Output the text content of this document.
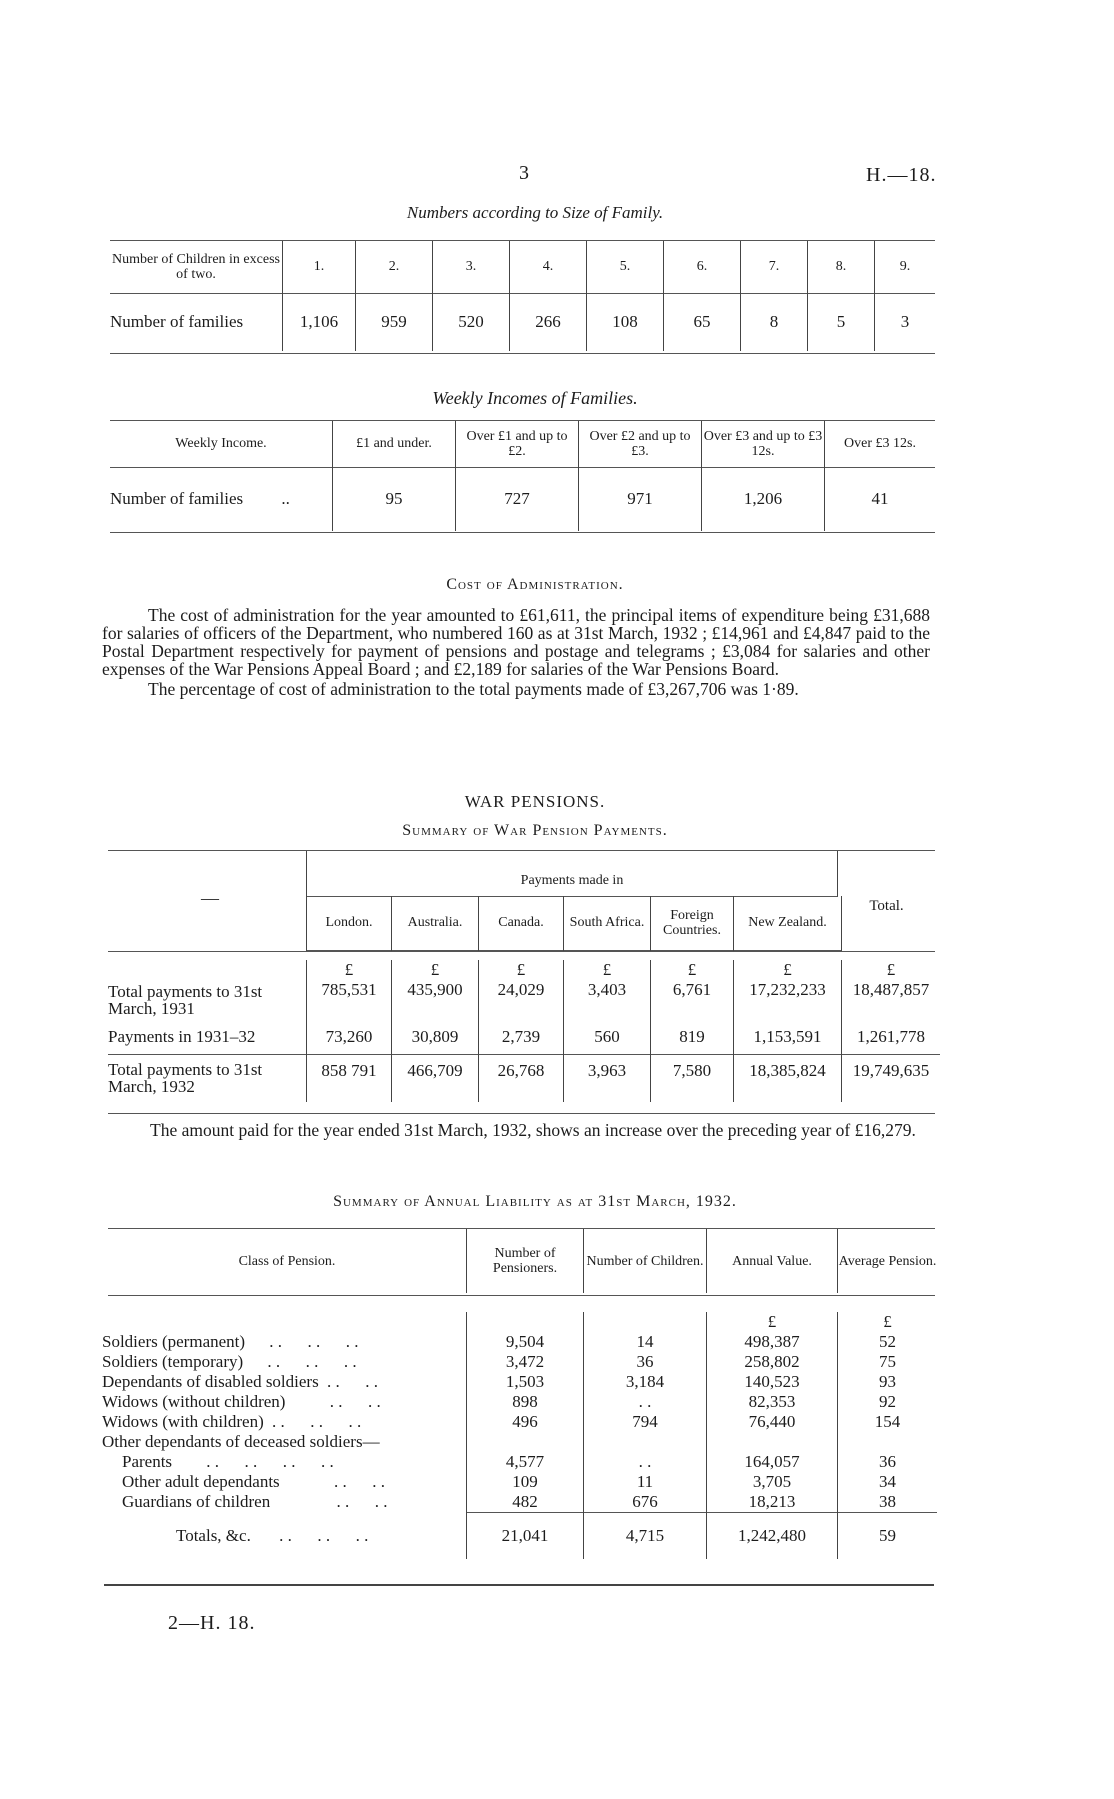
3	H.—18.
Numbers according to Size of Family.
Number of Children in excess of two.	1.	2.	3.	4.	5.	6.	7.	8.	9.
Number of families	1,106	959	520	266	108	65	8	5	3
Weekly Incomes of Families.
Weekly Income.	£1 and under.	Over £1 and up to £2.	Over £2 and up to £3.	Over £3 and up to £3 12s.	Over £3 12s.
Number of families ..	95	727	971	1,206	41
Cost of Administration.

The cost of administration for the year amounted to £61,611, the principal items of expenditure being £31,688 for salaries of officers of the Department, who numbered 160 as at 31st March, 1932 ; £14,961 and £4,847 paid to the Postal Department respectively for payment of pensions and postage and telegrams ; £3,084 for salaries and other expenses of the War Pensions Appeal Board ; and £2,189 for salaries of the War Pensions Board.

The percentage of cost of administration to the total payments made of £3,267,706 was 1·89.

WAR PENSIONS.
Summary of War Pension Payments.
Payments made in
—	Total.
London.	Australia.	Canada.	South Africa.	Foreign Countries.	New Zealand.
	£	£	£	£	£	£	£
Total payments to 31st March, 1931	785,531	435,900	24,029	3,403	6,761	17,232,233	18,487,857
Payments in 1931–32	73,260	30,809	2,739	560	819	1,153,591	1,261,778
Total payments to 31st March, 1932	858 791	466,709	26,768	3,963	7,580	18,385,824	19,749,635

The amount paid for the year ended 31st March, 1932, shows an increase over the preceding year of £16,279.

Summary of Annual Liability as at 31st March, 1932.
Class of Pension.	Number of Pensioners.	Number of Children.	Annual Value.	Average Pension.
			£	£
Soldiers (permanent) . .      . .      . .	9,504	14	498,387	52
Soldiers (temporary) . .      . .      . .	3,472	36	258,802	75
Dependants of disabled soldiers . .      . .	1,503	3,184	140,523	93
Widows (without children) . .      . .	898	. .	82,353	92
Widows (with children) . .      . .      . .	496	794	76,440	154
Other dependants of deceased soldiers—				
Parents . .      . .      . .      . .	4,577	. .	164,057	36
Other adult dependants . .      . .	109	11	3,705	34
Guardians of children . .      . .	482	676	18,213	38
Totals, &c. . .      . .      . .	21,041	4,715	1,242,480	59
2—H. 18.
